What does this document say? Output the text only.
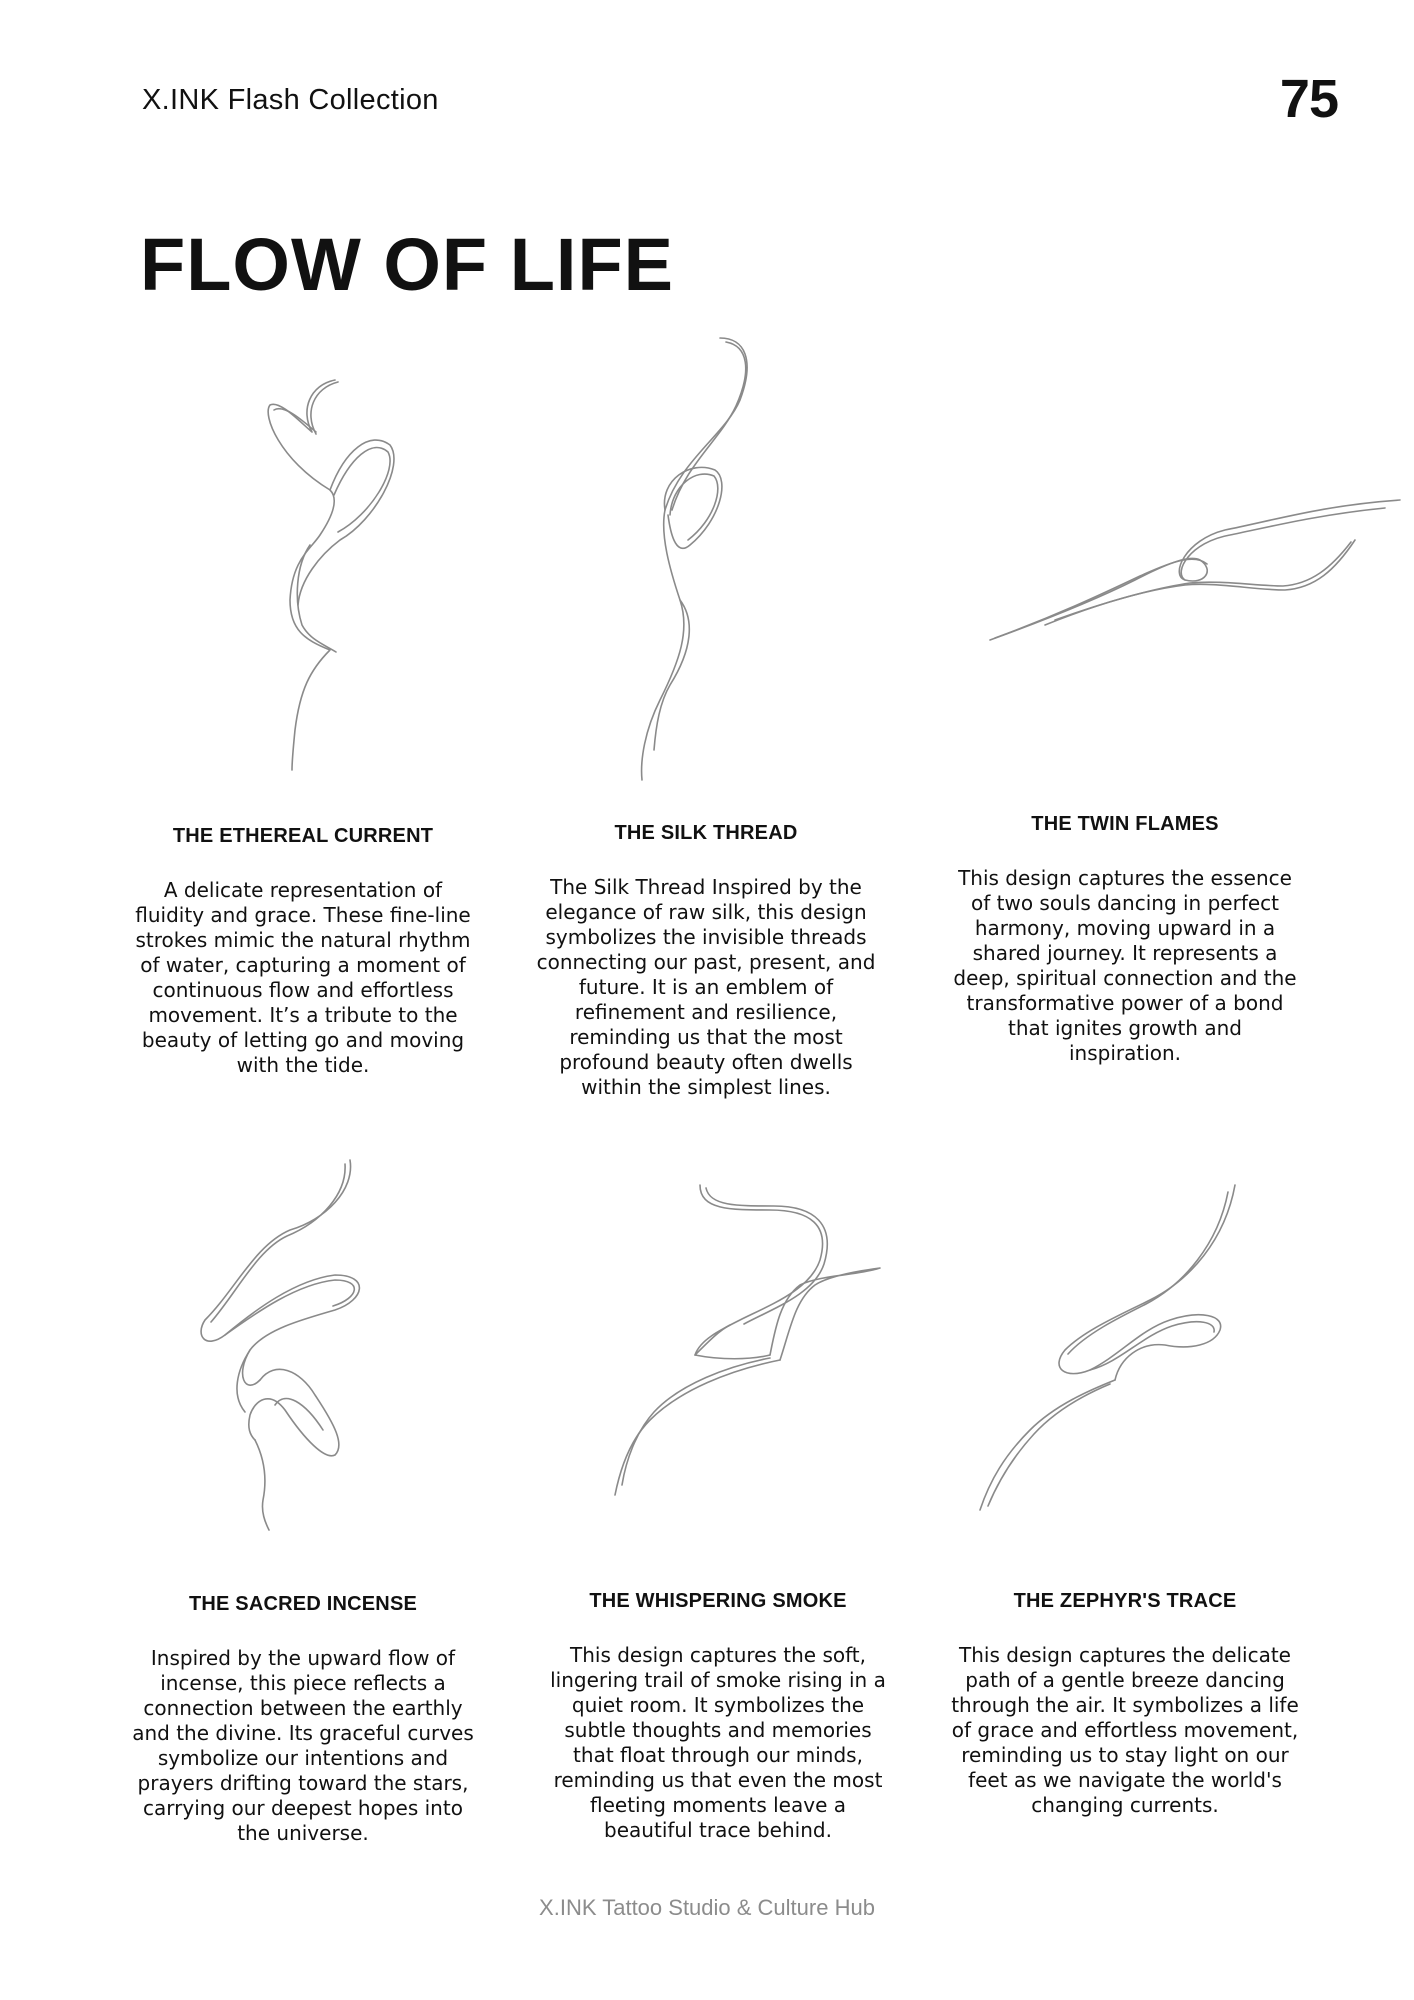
X.INK Flash Collection	75
FLOW OF LIFE
THE ETHEREAL CURRENT

A delicate representation of fluidity and grace. These fine-line strokes mimic the natural rhythm of water, capturing a moment of continuous flow and effortless movement. It’s a tribute to the beauty of letting go and moving with the tide.

THE SILK THREAD

The Silk Thread Inspired by the elegance of raw silk, this design symbolizes the invisible threads connecting our past, present, and future. It is an emblem of refinement and resilience, reminding us that the most profound beauty often dwells within the simplest lines.

THE TWIN FLAMES

This design captures the essence of two souls dancing in perfect harmony, moving upward in a shared journey. It represents a deep, spiritual connection and the transformative power of a bond that ignites growth and inspiration.

THE SACRED INCENSE

Inspired by the upward flow of incense, this piece reflects a connection between the earthly and the divine. Its graceful curves symbolize our intentions and prayers drifting toward the stars, carrying our deepest hopes into the universe.

THE WHISPERING SMOKE

This design captures the soft, lingering trail of smoke rising in a quiet room. It symbolizes the subtle thoughts and memories that float through our minds, reminding us that even the most fleeting moments leave a beautiful trace behind.

THE ZEPHYR'S TRACE

This design captures the delicate path of a gentle breeze dancing through the air. It symbolizes a life of grace and effortless movement, reminding us to stay light on our feet as we navigate the world's changing currents.

X.INK Tattoo Studio & Culture Hub
